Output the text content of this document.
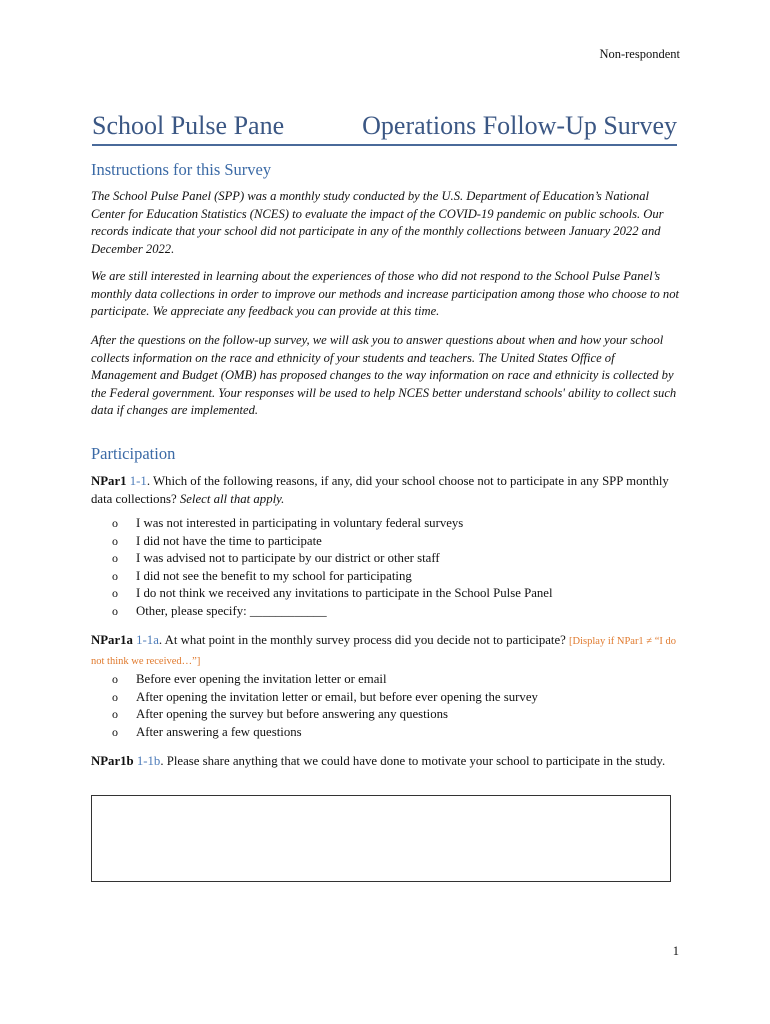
Non-respondent
School Pulse Pane	Operations Follow-Up Survey
Instructions for this Survey

The School Pulse Panel (SPP) was a monthly study conducted by the U.S. Department of Education’s National Center for Education Statistics (NCES) to evaluate the impact of the COVID-19 pandemic on public schools. Our records indicate that your school did not participate in any of the monthly collections between January 2022 and December 2022.

We are still interested in learning about the experiences of those who did not respond to the School Pulse Panel’s monthly data collections in order to improve our methods and increase participation among those who choose to not participate. We appreciate any feedback you can provide at this time.

After the questions on the follow-up survey, we will ask you to answer questions about when and how your school collects information on the race and ethnicity of your students and teachers. The United States Office of Management and Budget (OMB) has proposed changes to the way information on race and ethnicity is collected by the Federal government. Your responses will be used to help NCES better understand schools' ability to collect such data if changes are implemented.

Participation

NPar1 1-1. Which of the following reasons, if any, did your school choose not to participate in any SPP monthly data collections? Select all that apply.

o	I was not interested in participating in voluntary federal surveys
o	I did not have the time to participate
o	I was advised not to participate by our district or other staff
o	I did not see the benefit to my school for participating
o	I do not think we received any invitations to participate in the School Pulse Panel
o	Other, please specify: ____________

NPar1a 1-1a. At what point in the monthly survey process did you decide not to participate? [Display if NPar1 ≠ “I do not think we received…”]

o	Before ever opening the invitation letter or email
o	After opening the invitation letter or email, but before ever opening the survey
o	After opening the survey but before answering any questions
o	After answering a few questions

NPar1b 1-1b. Please share anything that we could have done to motivate your school to participate in the study.

1
